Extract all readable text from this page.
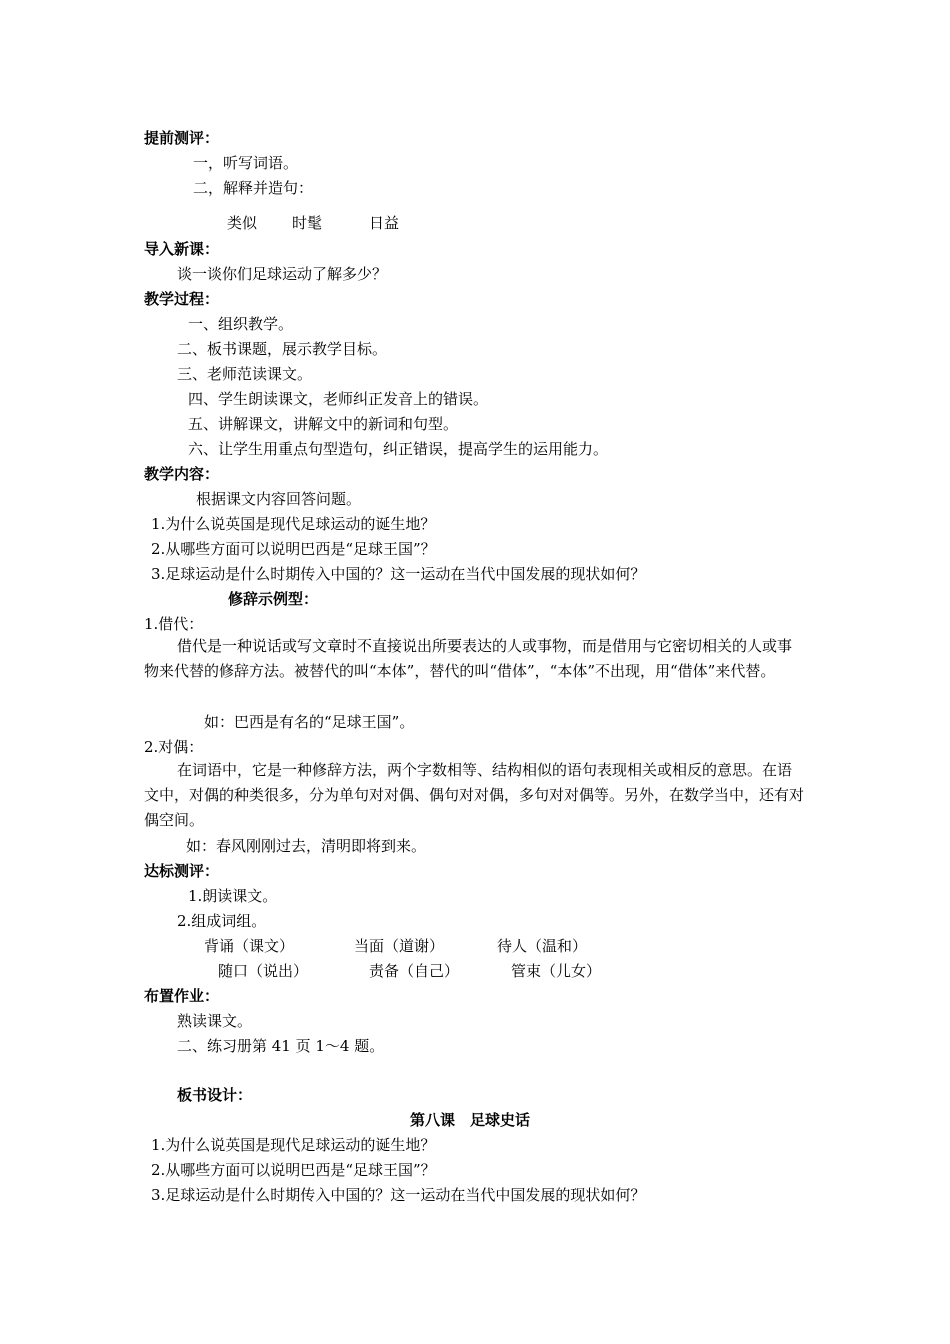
提前测评：
一，听写词语。
二，解释并造句：
类似 时髦	日益
导入新课：
谈一谈你们足球运动了解多少？
教学过程：
一、组织教学。
二、板书课题，展示教学目标。
三、老师范读课文。
四、学生朗读课文，老师纠正发音上的错误。
五、讲解课文，讲解文中的新词和句型。
六、让学生用重点句型造句，纠正错误，提高学生的运用能力。
教学内容：
根据课文内容回答问题。
1.为什么说英国是现代足球运动的诞生地？
2.从哪些方面可以说明巴西是“足球王国”？
3.足球运动是什么时期传入中国的？这一运动在当代中国发展的现状如何？
修辞示例型：
1.借代：
借代是一种说话或写文章时不直接说出所要表达的人或事物，而是借用与它密切相关的人或事物来代替的修辞方法。被替代的叫“本体”，替代的叫“借体”，“本体”不出现，用“借体”来代替。
如：巴西是有名的“足球王国”。
2.对偶：
在词语中，它是一种修辞方法，两个字数相等、结构相似的语句表现相关或相反的意思。在语文中，对偶的种类很多，分为单句对对偶、偶句对对偶，多句对对偶等。另外，在数学当中，还有对偶空间。
如：春风刚刚过去，清明即将到来。
达标测评：
1.朗读课文。
2.组成词组。
背诵（课文）	当面（道谢）	待人（温和）
随口（说出）	责备（自己）	管束（儿女）
布置作业：
熟读课文。
二、练习册第 41 页 1～4 题。
板书设计：
第八课　足球史话
1.为什么说英国是现代足球运动的诞生地？
2.从哪些方面可以说明巴西是“足球王国”？
3.足球运动是什么时期传入中国的？这一运动在当代中国发展的现状如何？
